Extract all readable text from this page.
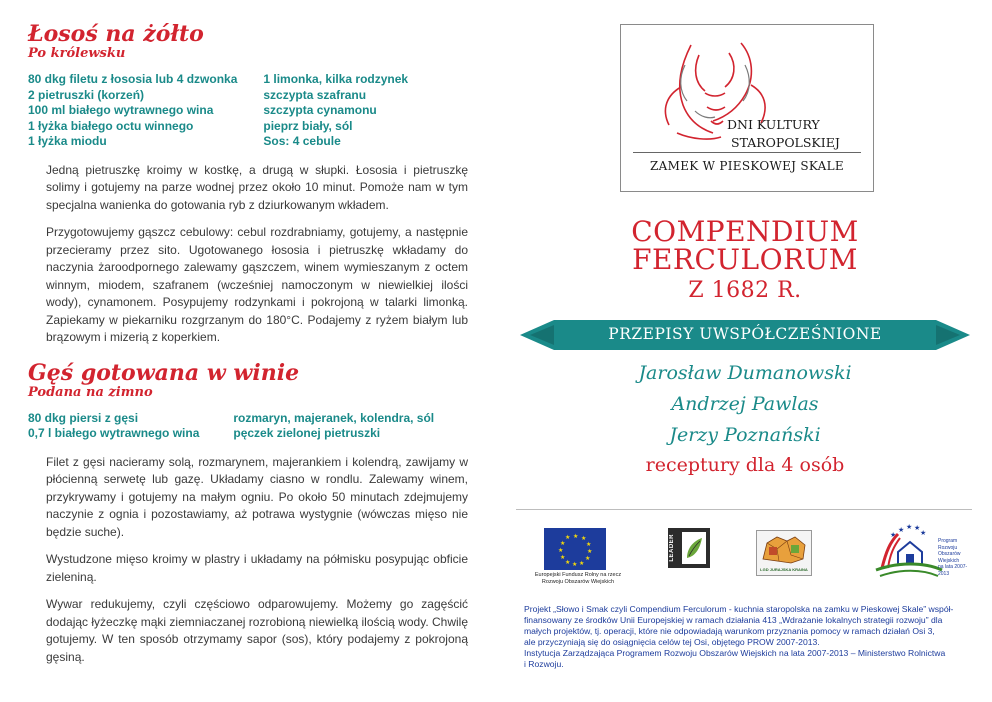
Łosoś na żółto
Po królewsku
80 dkg filetu z łososia lub 4 dzwonka
2 pietruszki (korzeń)
100 ml białego wytrawnego wina
1 łyżka białego octu winnego
1 łyżka miodu
1 limonka, kilka rodzynek
szczypta szafranu
szczypta cynamonu
pieprz biały, sól
Sos: 4 cebule

Jedną pietruszkę kroimy w kostkę, a drugą w słupki. Łososia i pietruszkę solimy i gotujemy na parze wodnej przez około 10 minut. Pomoże nam w tym specjalna wanienka do gotowania ryb z dziurkowanym wkładem.

Przygotowujemy gąszcz cebulowy: cebul rozdrabniamy, gotujemy, a następnie przecieramy przez sito. Ugotowanego łososia i pietruszkę wkładamy do naczynia żaroodpornego zalewamy gąszczem, winem wymieszanym z octem winnym, miodem, szafranem (wcześniej namoczonym w niewielkiej ilości wody), cynamonem. Posypujemy rodzynkami i pokrojoną w talarki limonką. Zapiekamy w piekarniku rozgrzanym do 180°C. Podajemy z ryżem białym lub brązowym i mizerią z koperkiem.

Gęś gotowana w winie
Podana na zimno
80 dkg piersi z gęsi
0,7 l białego wytrawnego wina
rozmaryn, majeranek, kolendra, sól
pęczek zielonej pietruszki

Filet z gęsi nacieramy solą, rozmarynem, majerankiem i kolendrą, zawijamy w płócienną serwetę lub gazę. Układamy ciasno w rondlu. Zalewamy winem, przykrywamy i gotujemy na małym ogniu. Po około 50 minutach zdejmujemy naczynie z ognia i pozostawiamy, aż potrawa wystygnie (wówczas mięso nie będzie suche).

Wystudzone mięso kroimy w plastry i układamy na półmisku posypując obficie zieleniną.

Wywar redukujemy, czyli częściowo odparowujemy. Możemy go zagęścić dodając łyżeczkę mąki ziemniaczanej rozrobioną niewielką ilością wody. Chwilę gotujemy. W ten sposób otrzymamy sapor (sos), który podajemy z pokrojoną gęsiną.

DNI KULTURY
STAROPOLSKIEJ
ZAMEK W PIESKOWEJ SKALE
COMPENDIUM
FERCULORUM
Z 1682 R.
PRZEPISY UWSPÓŁCZEŚNIONE
Jarosław Dumanowski
Andrzej Pawlas
Jerzy Poznański
receptury dla 4 osób
★ ★
★
★
★
★
★
★
★
★
★
★
Europejski Fundusz Rolny na rzecz
Rozwoju Obszarów Wiejskich
LEADER
LGD JURAJSKA KRAINA
★ ★ ★
★
★
Program
Rozwoju
Obszarów
Wiejskich
na lata 2007-2013

Projekt „Słowo i Smak czyli Compendium Ferculorum - kuchnia staropolska na zamku w Pieskowej Skale” współ-

finansowany ze środków Unii Europejskiej w ramach działania 413 „Wdrażanie lokalnych strategii rozwoju” dla

małych projektów, tj. operacji, które nie odpowiadają warunkom przyznania pomocy w ramach działań Osi 3,

ale przyczyniają się do osiągnięcia celów tej Osi, objętego PROW 2007-2013.

Instytucja Zarządzająca Programem Rozwoju Obszarów Wiejskich na lata 2007-2013 – Ministerstwo Rolnictwa

i Rozwoju.
